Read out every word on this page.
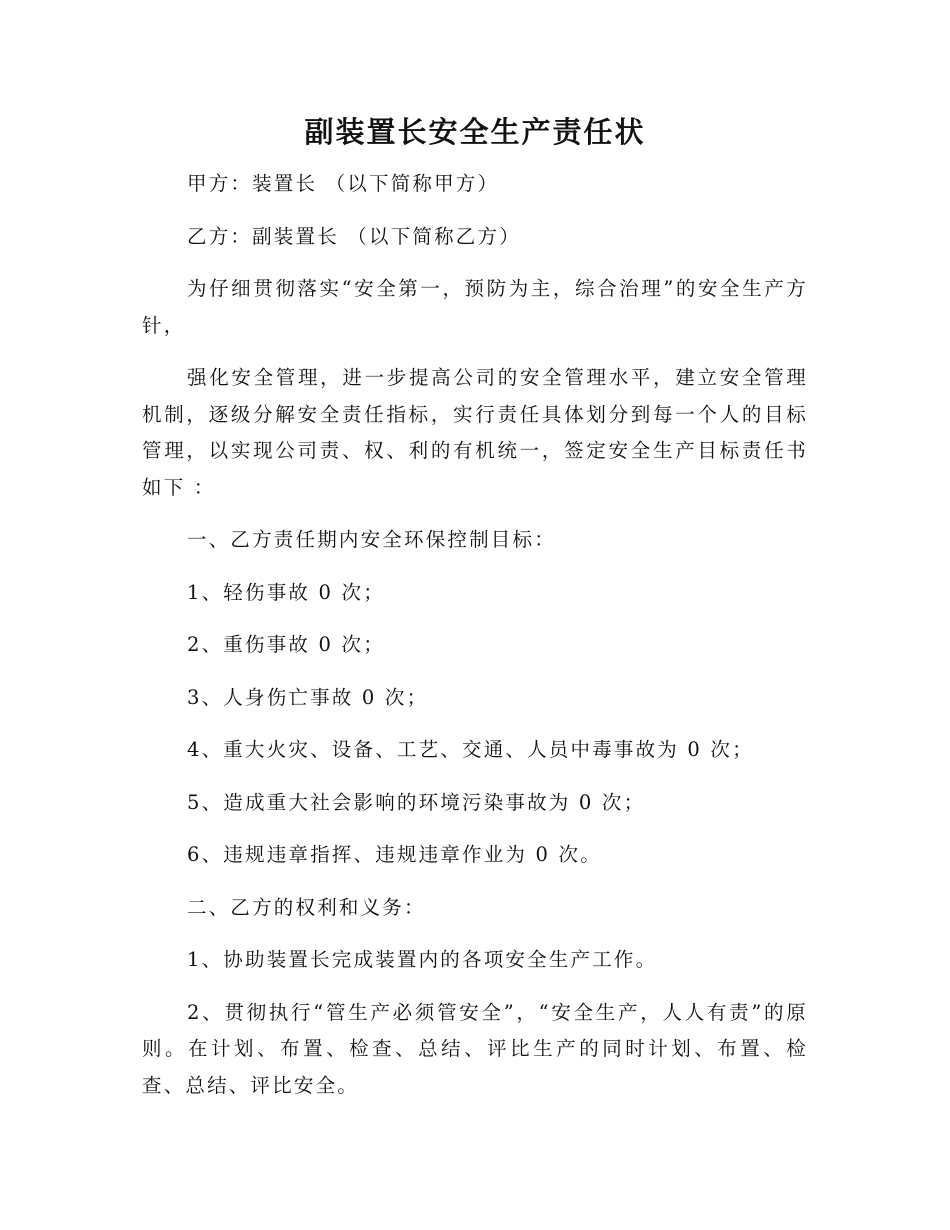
副装置长安全生产责任状

甲方：装置长 （以下简称甲方）

乙方：副装置长 （以下简称乙方）

为仔细贯彻落实“安全第一，预防为主，综合治理”的安全生产方针，

强化安全管理，进一步提高公司的安全管理水平，建立安全管理机制，逐级分解安全责任指标，实行责任具体划分到每一个人的目标管理，以实现公司责、权、利的有机统一，签定安全生产目标责任书如下 ：

一、乙方责任期内安全环保控制目标：

1、轻伤事故 0 次；

2、重伤事故 0 次；

3、人身伤亡事故 0 次；

4、重大火灾、设备、工艺、交通、人员中毒事故为 0 次；

5、造成重大社会影响的环境污染事故为 0 次；

6、违规违章指挥、违规违章作业为 0 次。

二、乙方的权利和义务：

1、协助装置长完成装置内的各项安全生产工作。

2、贯彻执行“管生产必须管安全”，“安全生产，人人有责”的原则。在计划、布置、检查、总结、评比生产的同时计划、布置、检查、总结、评比安全。
